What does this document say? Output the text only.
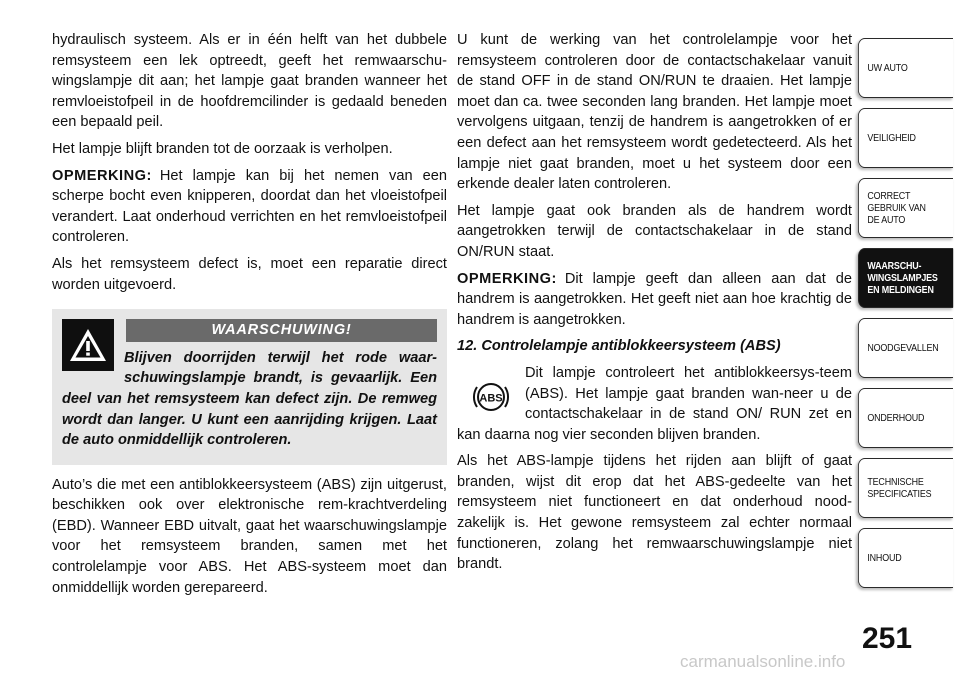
hydraulisch systeem. Als er in één helft van het dubbele remsysteem een lek optreedt, geeft het remwaarschu-wingslampje dit aan; het lampje gaat branden wanneer het remvloeistofpeil in de hoofdremcilinder is gedaald beneden een bepaald peil.

Het lampje blijft branden tot de oorzaak is verholpen.

OPMERKING: Het lampje kan bij het nemen van een scherpe bocht even knipperen, doordat dan het vloeistofpeil verandert. Laat onderhoud verrichten en het remvloeistofpeil controleren.

Als het remsysteem defect is, moet een reparatie direct worden uitgevoerd.

WAARSCHUWING!

Blijven doorrijden terwijl het rode waar-schuwingslampje brandt, is gevaarlijk. Een deel van het remsysteem kan defect zijn. De remweg wordt dan langer. U kunt een aanrijding krijgen. Laat de auto onmiddellijk controleren.

Auto’s die met een antiblokkeersysteem (ABS) zijn uitgerust, beschikken ook over elektronische rem-krachtverdeling (EBD). Wanneer EBD uitvalt, gaat het waarschuwingslampje voor het remsysteem branden, samen met het controlelampje voor ABS. Het ABS-systeem moet dan onmiddellijk worden gerepareerd.

U kunt de werking van het controlelampje voor het remsysteem controleren door de contactschakelaar vanuit de stand OFF in de stand ON/RUN te draaien. Het lampje moet dan ca. twee seconden lang branden. Het lampje moet vervolgens uitgaan, tenzij de handrem is aangetrokken of er een defect aan het remsysteem wordt gedetecteerd. Als het lampje niet gaat branden, moet u het systeem door een erkende dealer laten controleren.

Het lampje gaat ook branden als de handrem wordt aangetrokken terwijl de contactschakelaar in de stand ON/RUN staat.

OPMERKING: Dit lampje geeft dan alleen aan dat de handrem is aangetrokken. Het geeft niet aan hoe krachtig de handrem is aangetrokken.

12. Controlelampje antiblokkeersysteem (ABS)

ABS

Dit lampje controleert het antiblokkeersys-teem (ABS). Het lampje gaat branden wan-neer u de contactschakelaar in de stand ON/ RUN zet en kan daarna nog vier seconden blijven branden.

Als het ABS-lampje tijdens het rijden aan blijft of gaat branden, wijst dit erop dat het ABS-gedeelte van het remsysteem niet functioneert en dat onderhoud nood-zakelijk is. Het gewone remsysteem zal echter normaal functioneren, zolang het remwaarschuwingslampje niet brandt.

UW AUTO
VEILIGHEID
CORRECT
GEBRUIK VAN
DE AUTO
WAARSCHU-
WINGSLAMPJES
EN MELDINGEN
NOODGEVALLEN
ONDERHOUD
TECHNISCHE
SPECIFICATIES
INHOUD
251
carmanualsonline.info
